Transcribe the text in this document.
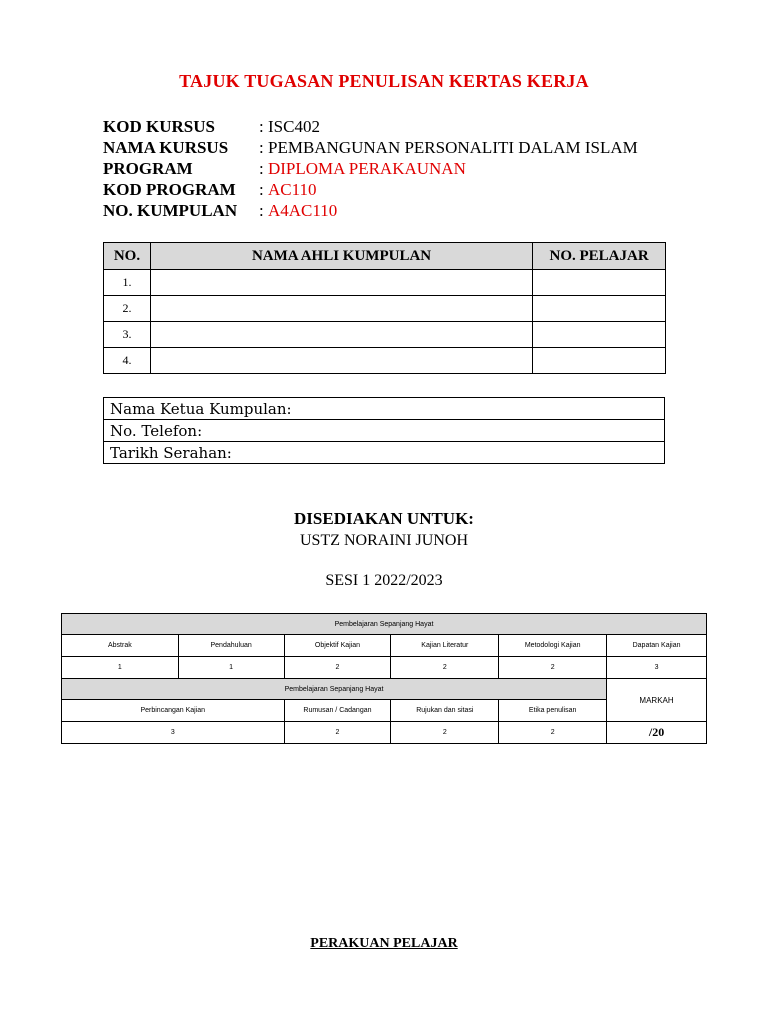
TAJUK TUGASAN PENULISAN KERTAS KERJA
KOD KURSUS	: ISC402
NAMA KURSUS : PEMBANGUNAN PERSONALITI DALAM ISLAM
PROGRAM	: DIPLOMA PERAKAUNAN
KOD PROGRAM : AC110
NO. KUMPULAN : A4AC110
NO.	NAMA AHLI KUMPULAN	NO. PELAJAR
1.		
2.		
3.		
4.		
Nama Ketua Kumpulan:
No. Telefon:
Tarikh Serahan:
DISEDIAKAN UNTUK:
USTZ NORAINI JUNOH
SESI 1 2022/2023
Pembelajaran Sepanjang Hayat					
Abstrak	Pendahuluan	Objektif Kajian	Kajian Literatur	Metodologi Kajian	Dapatan Kajian
1	1	2	2	2	3
Pembelajaran Sepanjang Hayat					MARKAH
Perbincangan Kajian		Rumusan / Cadangan	Rujukan dan sitasi	Etika penulisan	
3		2	2	2	/20
PERAKUAN PELAJAR
